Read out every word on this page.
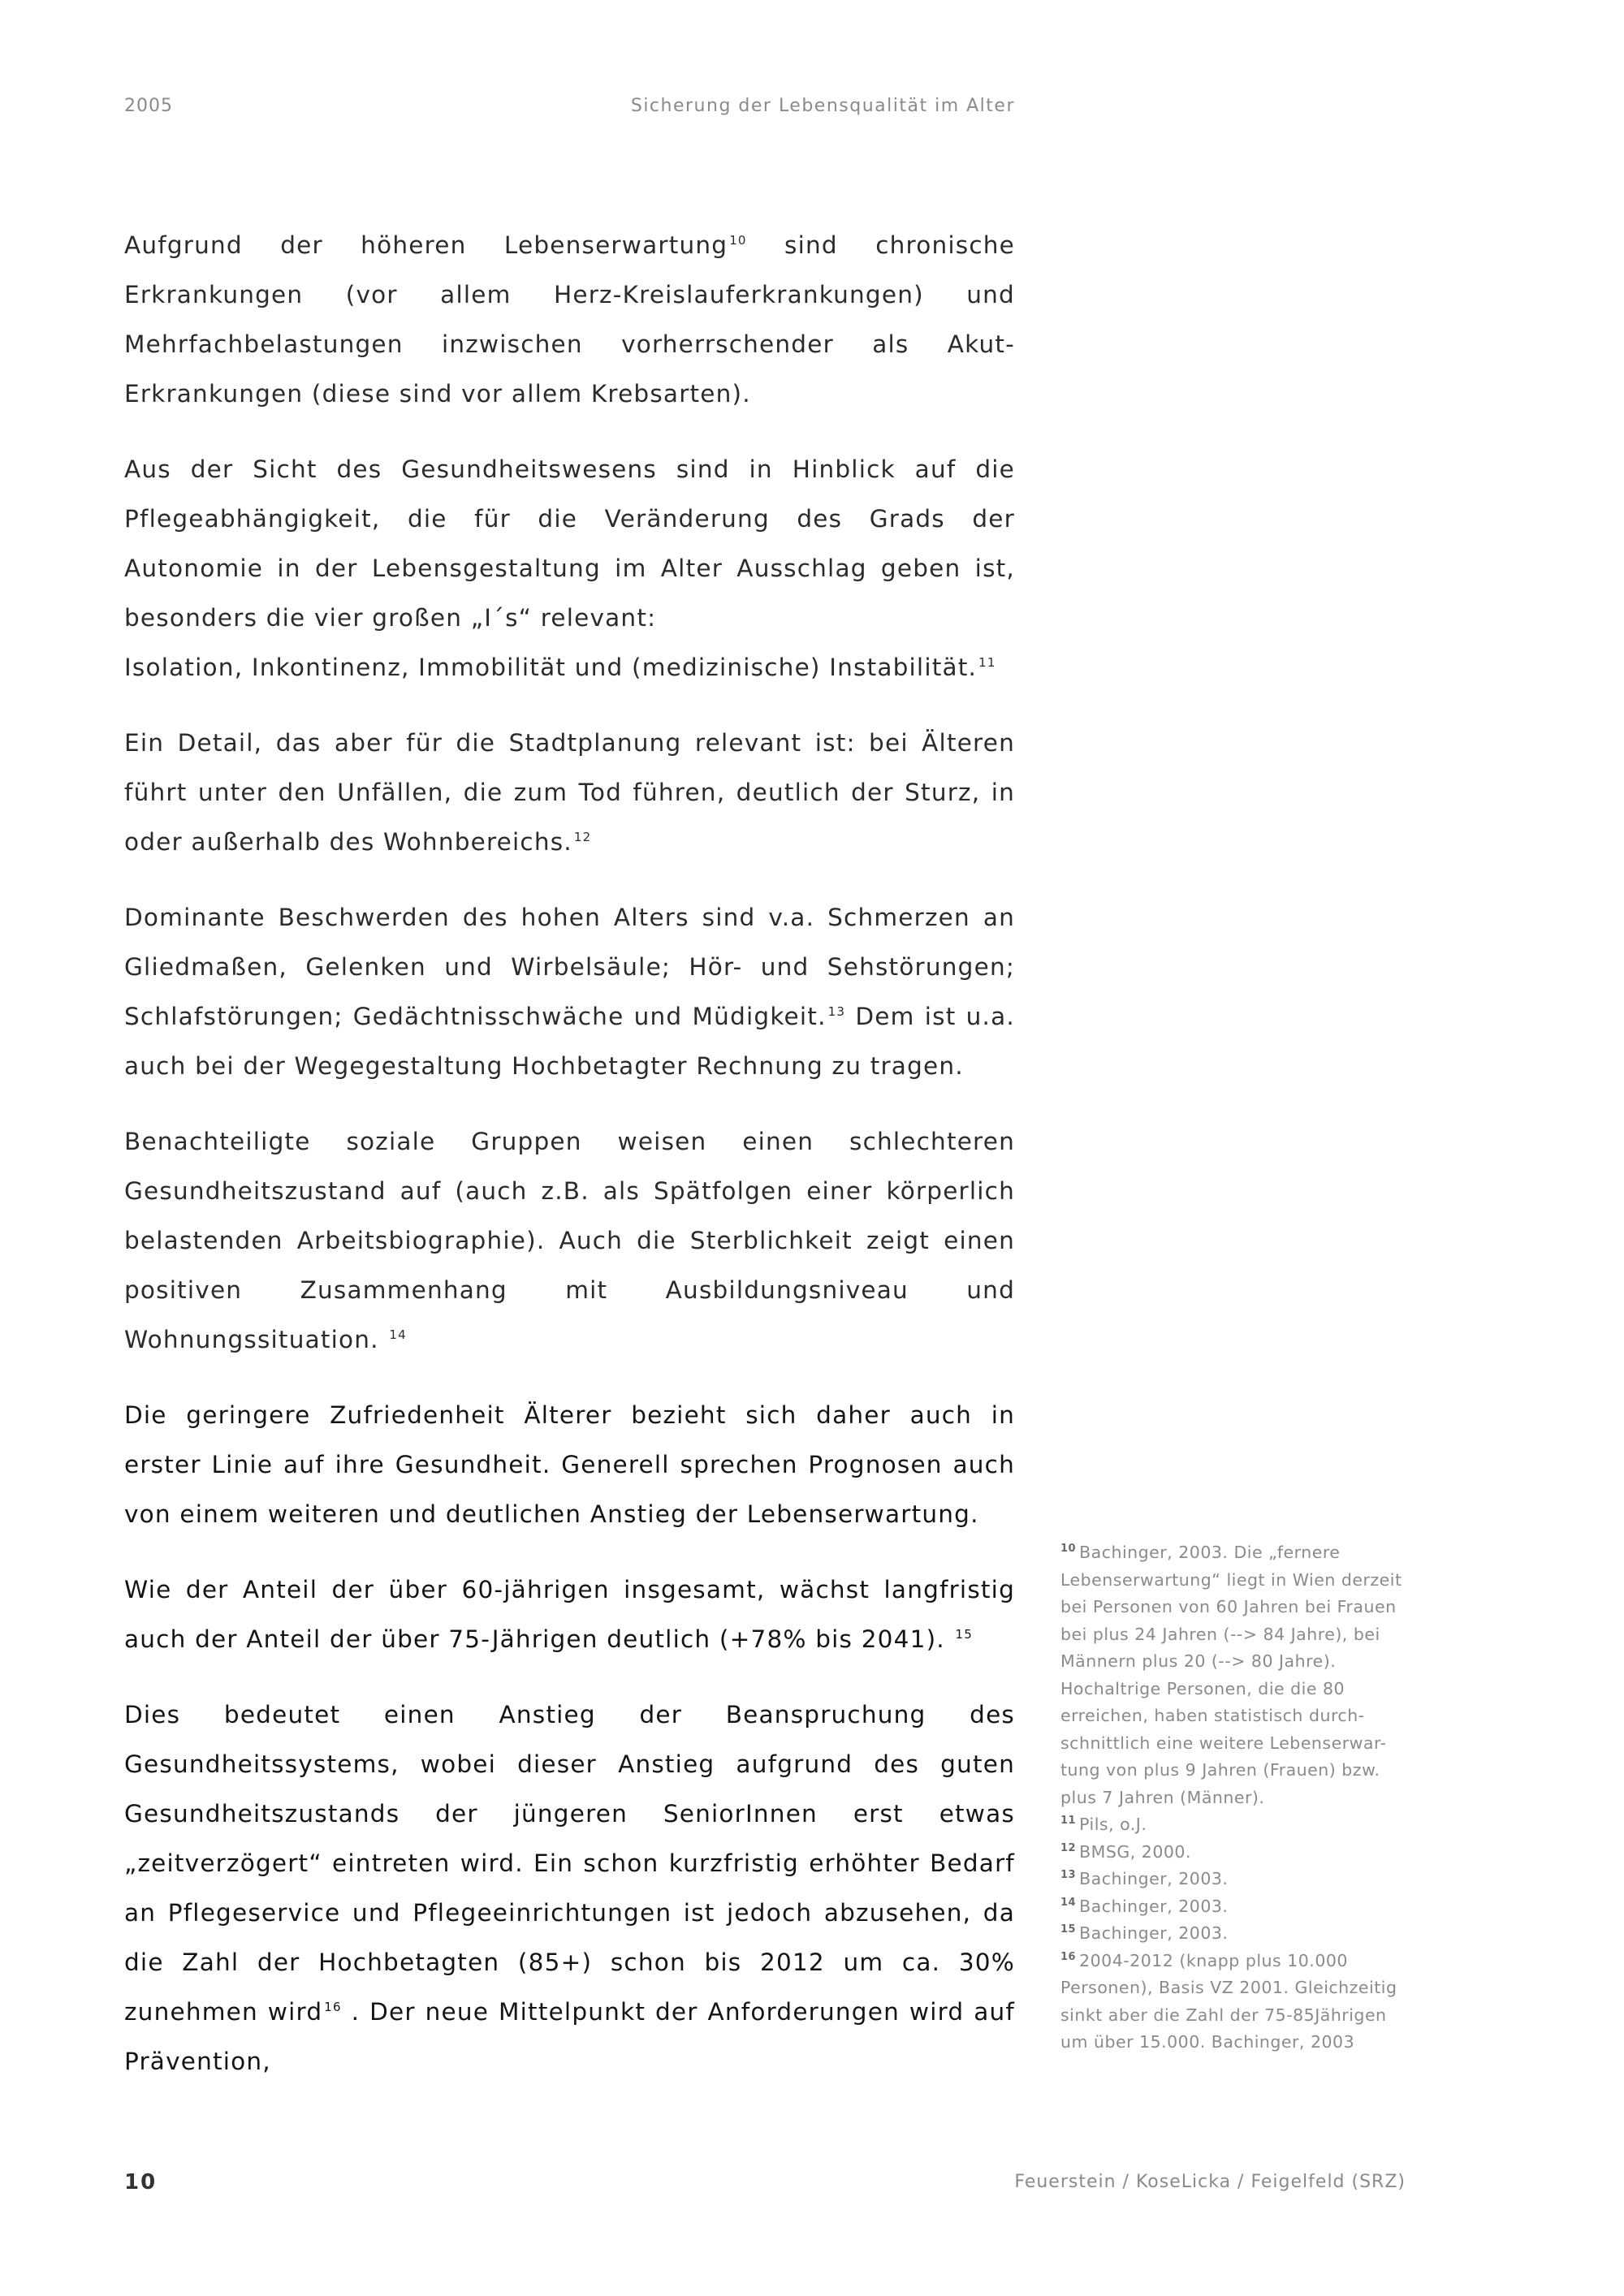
2005	Sicherung der Lebensqualität im Alter

Aufgrund der höheren Lebenserwartung $^{10}$ sind chronische Erkrankungen (vor allem Herz-Kreislauferkrankungen) und Mehrfachbelastungen inzwischen vorherrschender als Akut-Erkrankungen (diese sind vor allem Krebsarten).

Aus der Sicht des Gesundheitswesens sind in Hinblick auf die Pflegeabhängigkeit, die für die Veränderung des Grads der Autonomie in der Lebensgestaltung im Alter Ausschlag geben ist, besonders die vier großen „I´s“ relevant:
Isolation, Inkontinenz, Immobilität und (medizinische) Instabilität. $^{11}$

Ein Detail, das aber für die Stadtplanung relevant ist: bei Älteren führt unter den Unfällen, die zum Tod führen, deutlich der Sturz, in oder außerhalb des Wohnbereichs. $^{12}$

Dominante Beschwerden des hohen Alters sind v.a. Schmerzen an Gliedmaßen, Gelenken und Wirbelsäule; Hör- und Sehstörungen; Schlafstörungen; Gedächtnisschwäche und Müdigkeit. $^{13}$ Dem ist u.a. auch bei der Wegegestaltung Hochbetagter Rechnung zu tragen.

Benachteiligte soziale Gruppen weisen einen schlechteren Gesundheitszustand auf (auch z.B. als Spätfolgen einer körperlich belastenden Arbeitsbiographie). Auch die Sterblichkeit zeigt einen positiven Zusammenhang mit Ausbildungsniveau und Wohnungssituation. $^{14}$

Die geringere Zufriedenheit Älterer bezieht sich daher auch in erster Linie auf ihre Gesundheit. Generell sprechen Prognosen auch von einem weiteren und deutlichen Anstieg der Lebenserwartung.

Wie der Anteil der über 60-jährigen insgesamt, wächst langfristig auch der Anteil der über 75-Jährigen deutlich (+78% bis 2041). $^{15}$

Dies bedeutet einen Anstieg der Beanspruchung des Gesundheitssystems, wobei dieser Anstieg aufgrund des guten Gesundheitszustands der jüngeren SeniorInnen erst etwas „zeitverzögert“ eintreten wird. Ein schon kurzfristig erhöhter Bedarf an Pflegeservice und Pflegeeinrichtungen ist jedoch abzusehen, da die Zahl der Hochbetagten (85+) schon bis 2012 um ca. 30% zunehmen wird $^{16}$ . Der neue Mittelpunkt der Anforderungen wird auf Prävention,

$^{10}$ Bachinger, 2003. Die „fernere Lebenserwartung“ liegt in Wien derzeit bei Personen von 60 Jahren bei Frauen bei plus 24 Jahren (--> 84 Jahre), bei Männern plus 20 (--> 80 Jahre). Hochaltrige Personen, die die 80 erreichen, haben statistisch durch-schnittlich eine weitere Lebenserwar-tung von plus 9 Jahren (Frauen) bzw. plus 7 Jahren (Männer).

$^{11}$ Pils, o.J.

$^{12}$ BMSG, 2000.

$^{13}$ Bachinger, 2003.

$^{14}$ Bachinger, 2003.

$^{15}$ Bachinger, 2003.

$^{16}$ 2004-2012 (knapp plus 10.000 Personen), Basis VZ 2001. Gleichzeitig sinkt aber die Zahl der 75-85Jährigen um über 15.000. Bachinger, 2003

10	Feuerstein / KoseLicka / Feigelfeld (SRZ)
